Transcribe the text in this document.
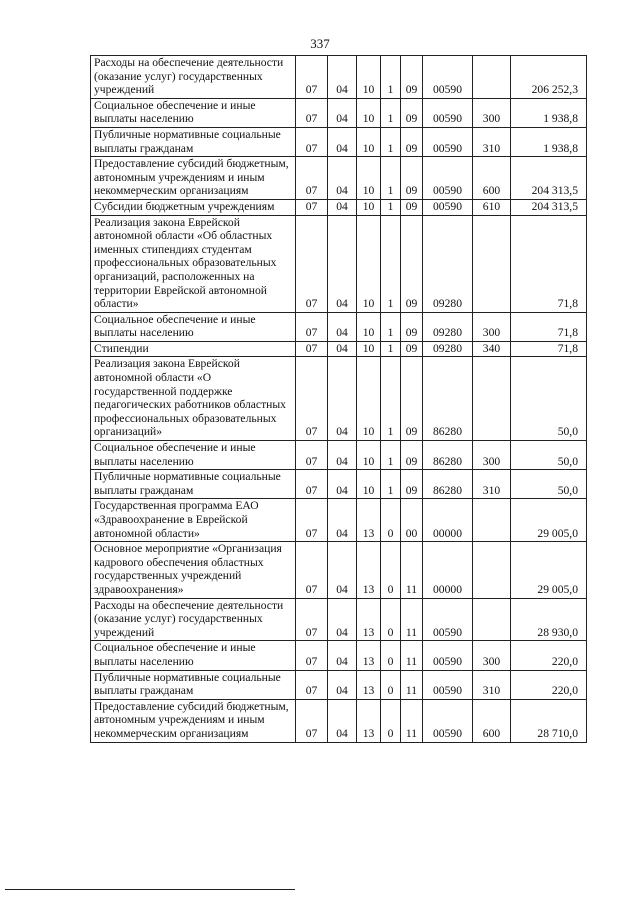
337
Расходы на обеспечение деятельности (оказание услуг) государственных учреждений	07	04	10	1	09	00590		206 252,3
Социальное обеспечение и иные выплаты населению	07	04	10	1	09	00590	300	1 938,8
Публичные нормативные социальные выплаты гражданам	07	04	10	1	09	00590	310	1 938,8
Предоставление субсидий бюджетным, автономным учреждениям и иным некоммерческим организациям	07	04	10	1	09	00590	600	204 313,5
Субсидии бюджетным учреждениям	07	04	10	1	09	00590	610	204 313,5
Реализация закона Еврейской автономной области «Об областных именных стипендиях студентам профессиональных образовательных организаций, расположенных на территории Еврейской автономной области»	07	04	10	1	09	09280		71,8
Социальное обеспечение и иные выплаты населению	07	04	10	1	09	09280	300	71,8
Стипендии	07	04	10	1	09	09280	340	71,8
Реализация закона Еврейской автономной области «О государственной поддержке педагогических работников областных профессиональных образовательных организаций»	07	04	10	1	09	86280		50,0
Социальное обеспечение и иные выплаты населению	07	04	10	1	09	86280	300	50,0
Публичные нормативные социальные выплаты гражданам	07	04	10	1	09	86280	310	50,0
Государственная программа ЕАО «Здравоохранение в Еврейской автономной области»	07	04	13	0	00	00000		29 005,0
Основное мероприятие «Организация кадрового обеспечения областных государственных учреждений здравоохранения»	07	04	13	0	11	00000		29 005,0
Расходы на обеспечение деятельности (оказание услуг) государственных учреждений	07	04	13	0	11	00590		28 930,0
Социальное обеспечение и иные выплаты населению	07	04	13	0	11	00590	300	220,0
Публичные нормативные социальные выплаты гражданам	07	04	13	0	11	00590	310	220,0
Предоставление субсидий бюджетным, автономным учреждениям и иным некоммерческим организациям	07	04	13	0	11	00590	600	28 710,0
